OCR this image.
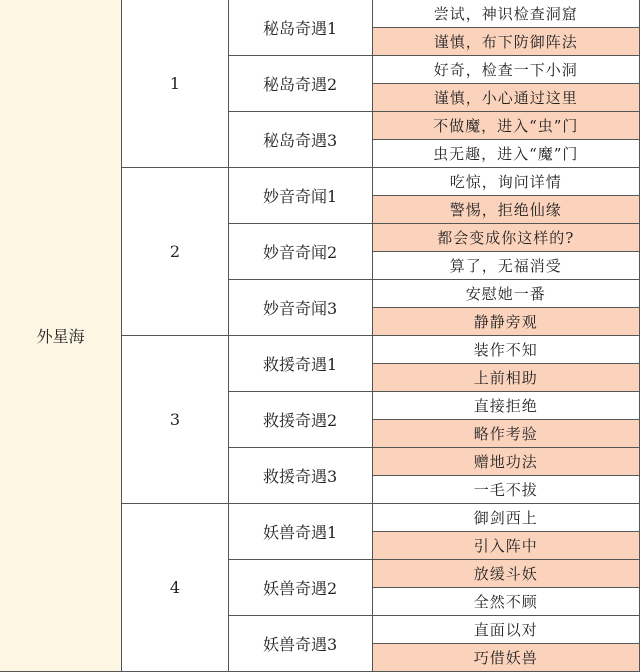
外星海	1	秘岛奇遇1	尝试，神识检查洞窟
			谨慎，布下防御阵法
		秘岛奇遇2	好奇，检查一下小洞
			谨慎，小心通过这里
		秘岛奇遇3	不做魔，进入“虫”门
			虫无趣，进入“魔”门
	2	妙音奇闻1	吃惊，询问详情
			警惕，拒绝仙缘
		妙音奇闻2	都会变成你这样的?
			算了，无福消受
		妙音奇闻3	安慰她一番
			静静旁观
	3	救援奇遇1	装作不知
			上前相助
		救援奇遇2	直接拒绝
			略作考验
		救援奇遇3	赠地功法
			一毛不拔
	4	妖兽奇遇1	御剑西上
			引入阵中
		妖兽奇遇2	放缓斗妖
			全然不顾
		妖兽奇遇3	直面以对
			巧借妖兽
